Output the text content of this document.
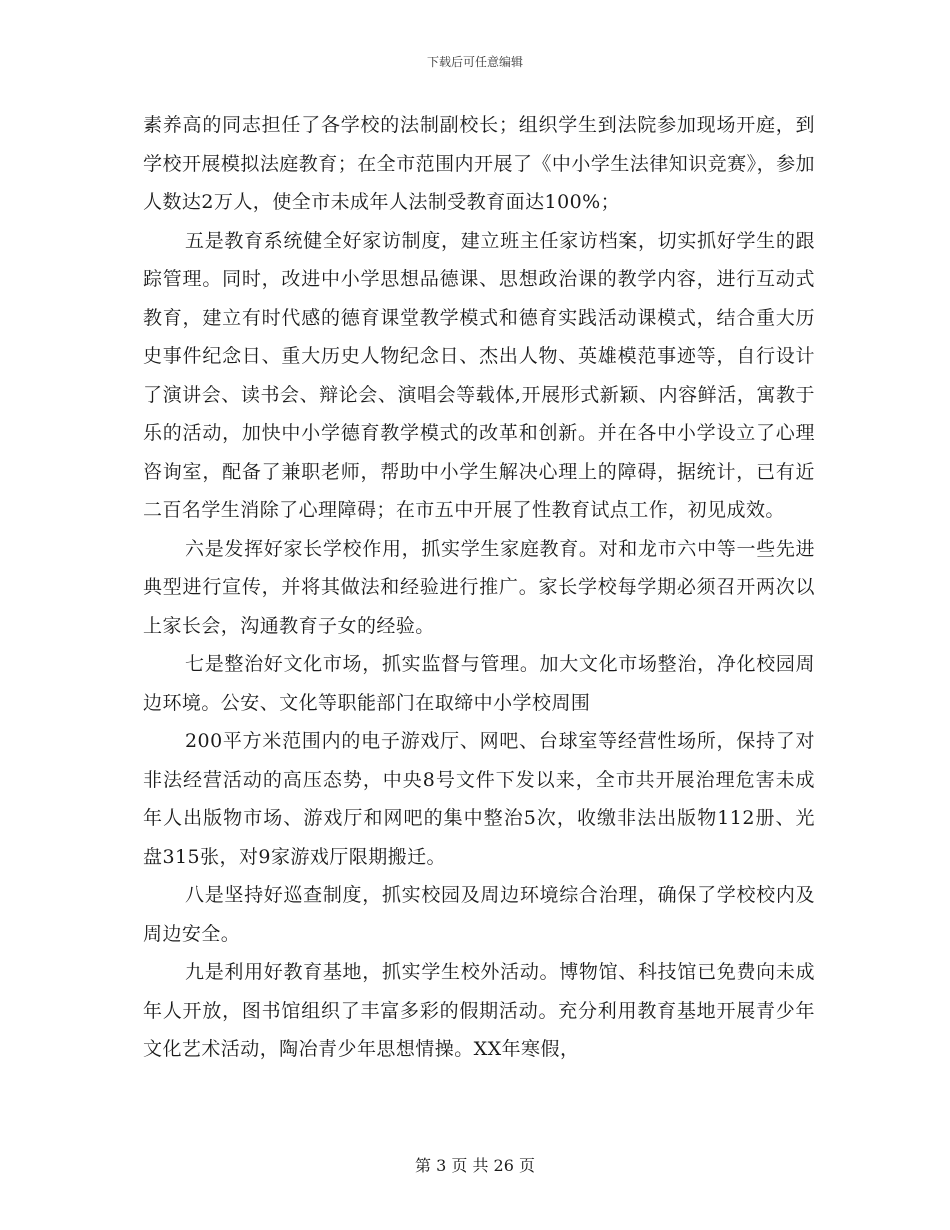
下载后可任意编辑

素养高的同志担任了各学校的法制副校长；组织学生到法院参加现场开庭，到学校开展模拟法庭教育；在全市范围内开展了《中小学生法律知识竞赛》，参加人数达2万人，使全市未成年人法制受教育面达100%；

五是教育系统健全好家访制度，建立班主任家访档案，切实抓好学生的跟踪管理。同时，改进中小学思想品德课、思想政治课的教学内容，进行互动式教育，建立有时代感的德育课堂教学模式和德育实践活动课模式，结合重大历史事件纪念日、重大历史人物纪念日、杰出人物、英雄模范事迹等，自行设计了演讲会、读书会、辩论会、演唱会等载体,开展形式新颖、内容鲜活，寓教于乐的活动，加快中小学德育教学模式的改革和创新。并在各中小学设立了心理咨询室，配备了兼职老师，帮助中小学生解决心理上的障碍，据统计，已有近二百名学生消除了心理障碍；在市五中开展了性教育试点工作，初见成效。

六是发挥好家长学校作用，抓实学生家庭教育。对和龙市六中等一些先进典型进行宣传，并将其做法和经验进行推广。家长学校每学期必须召开两次以上家长会，沟通教育子女的经验。

七是整治好文化市场，抓实监督与管理。加大文化市场整治，净化校园周边环境。公安、文化等职能部门在取缔中小学校周围

200平方米范围内的电子游戏厅、网吧、台球室等经营性场所，保持了对非法经营活动的高压态势，中央8号文件下发以来，全市共开展治理危害未成年人出版物市场、游戏厅和网吧的集中整治5次，收缴非法出版物112册、光盘315张，对9家游戏厅限期搬迁。

八是坚持好巡查制度，抓实校园及周边环境综合治理，确保了学校校内及周边安全。

九是利用好教育基地，抓实学生校外活动。博物馆、科技馆已免费向未成年人开放，图书馆组织了丰富多彩的假期活动。充分利用教育基地开展青少年文化艺术活动，陶冶青少年思想情操。XX年寒假，

第 3 页 共 26 页
